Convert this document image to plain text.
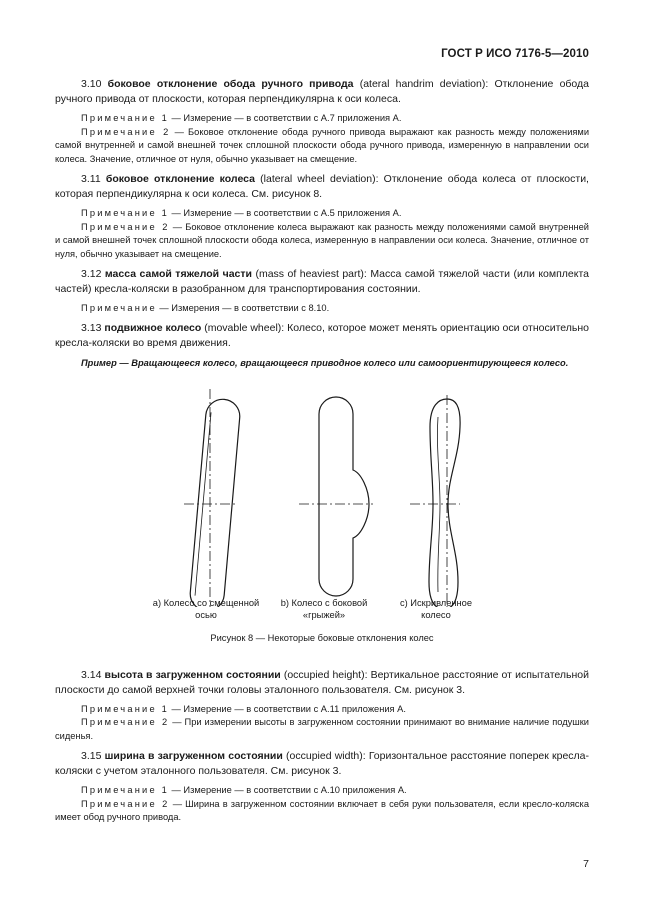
ГОСТ Р ИСО 7176-5—2010

3.10 боковое отклонение обода ручного привода (ateral handrim deviation): Отклонение обода ручного привода от плоскости, которая перпендикулярна к оси колеса.

Примечание 1 — Измерение — в соответствии с А.7 приложения А.

Примечание 2 — Боковое отклонение обода ручного привода выражают как разность между положениями самой внутренней и самой внешней точек сплошной плоскости обода ручного привода, измеренную в направлении оси колеса. Значение, отличное от нуля, обычно указывает на смещение.

3.11 боковое отклонение колеса (lateral wheel deviation): Отклонение обода колеса от плоскости, которая перпендикулярна к оси колеса. См. рисунок 8.

Примечание 1 — Измерение — в соответствии с А.5 приложения А.

Примечание 2 — Боковое отклонение колеса выражают как разность между положениями самой внутренней и самой внешней точек сплошной плоскости обода колеса, измеренную в направлении оси колеса. Значение, отличное от нуля, обычно указывает на смещение.

3.12 масса самой тяжелой части (mass of heaviest part): Масса самой тяжелой части (или комплекта частей) кресла-коляски в разобранном для транспортирования состоянии.

Примечание — Измерения — в соответствии с 8.10.

3.13 подвижное колесо (movable wheel): Колесо, которое может менять ориентацию оси относительно кресла-коляски во время движения.

Пример — Вращающееся колесо, вращающееся приводное колесо или самоориентирующееся колесо.

а) Колесо со смещенной осью
b) Колесо с боковой «грыжей»
с) Искривленное колесо
Рисунок 8 — Некоторые боковые отклонения колес

3.14 высота в загруженном состоянии (occupied height): Вертикальное расстояние от испытательной плоскости до самой верхней точки головы эталонного пользователя. См. рисунок 3.

Примечание 1 — Измерение — в соответствии с А.11 приложения А.

Примечание 2 — При измерении высоты в загруженном состоянии принимают во внимание наличие подушки сиденья.

3.15 ширина в загруженном состоянии (occupied width): Горизонтальное расстояние поперек кресла-коляски с учетом эталонного пользователя. См. рисунок 3.

Примечание 1 — Измерение — в соответствии с А.10 приложения А.

Примечание 2 — Ширина в загруженном состоянии включает в себя руки пользователя, если кресло-коляска имеет обод ручного привода.

7
